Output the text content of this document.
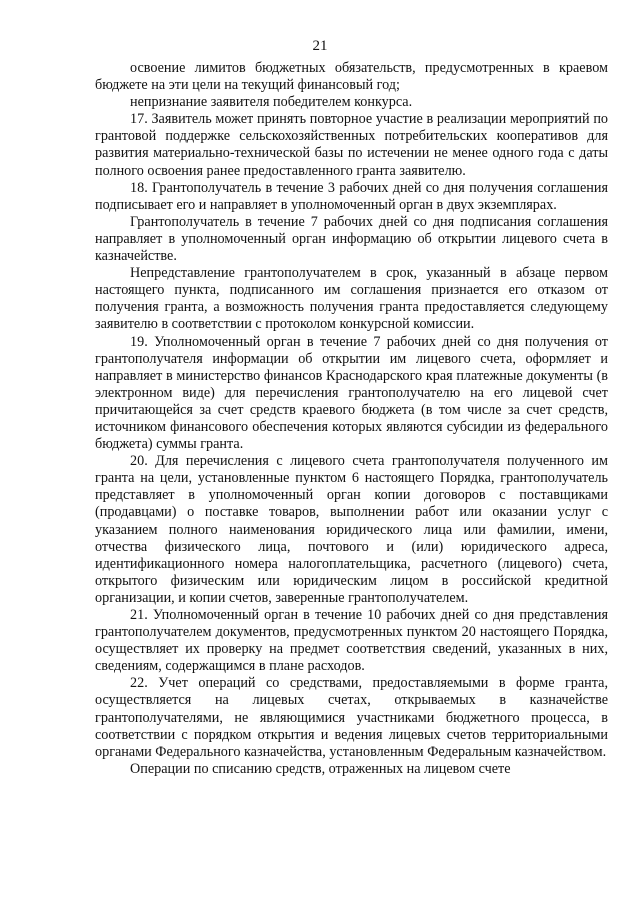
21

освоение лимитов бюджетных обязательств, предусмотренных в краевом бюджете на эти цели на текущий финансовый год;

непризнание заявителя победителем конкурса.

17. Заявитель может принять повторное участие в реализации мероприятий по грантовой поддержке сельскохозяйственных потребительских кооперативов для развития материально-технической базы по истечении не менее одного года с даты полного освоения ранее предоставленного гранта заявителю.

18. Грантополучатель в течение 3 рабочих дней со дня получения соглашения подписывает его и направляет в уполномоченный орган в двух экземплярах.

Грантополучатель в течение 7 рабочих дней со дня подписания соглашения направляет в уполномоченный орган информацию об открытии лицевого счета в казначействе.

Непредставление грантополучателем в срок, указанный в абзаце первом настоящего пункта, подписанного им соглашения признается его отказом от получения гранта, а возможность получения гранта предоставляется следующему заявителю в соответствии с протоколом конкурсной комиссии.

19. Уполномоченный орган в течение 7 рабочих дней со дня получения от грантополучателя информации об открытии им лицевого счета, оформляет и направляет в министерство финансов Краснодарского края платежные документы (в электронном виде) для перечисления грантополучателю на его лицевой счет причитающейся за счет средств краевого бюджета (в том числе за счет средств, источником финансового обеспечения которых являются субсидии из федерального бюджета) суммы гранта.

20. Для перечисления с лицевого счета грантополучателя полученного им гранта на цели, установленные пунктом 6 настоящего Порядка, грантополучатель представляет в уполномоченный орган копии договоров с поставщиками (продавцами) о поставке товаров, выполнении работ или оказании услуг с указанием полного наименования юридического лица или фамилии, имени, отчества физического лица, почтового и (или) юридического адреса, идентификационного номера налогоплательщика, расчетного (лицевого) счета, открытого физическим или юридическим лицом в российской кредитной организации, и копии счетов, заверенные грантополучателем.

21. Уполномоченный орган в течение 10 рабочих дней со дня представления грантополучателем документов, предусмотренных пунктом 20 настоящего Порядка, осуществляет их проверку на предмет соответствия сведений, указанных в них, сведениям, содержащимся в плане расходов.

22. Учет операций со средствами, предоставляемыми в форме гранта, осуществляется на лицевых счетах, открываемых в казначействе грантополучателями, не являющимися участниками бюджетного процесса, в соответствии с порядком открытия и ведения лицевых счетов территориальными органами Федерального казначейства, установленным Федеральным казначейством.

Операции по списанию средств, отраженных на лицевом счете
